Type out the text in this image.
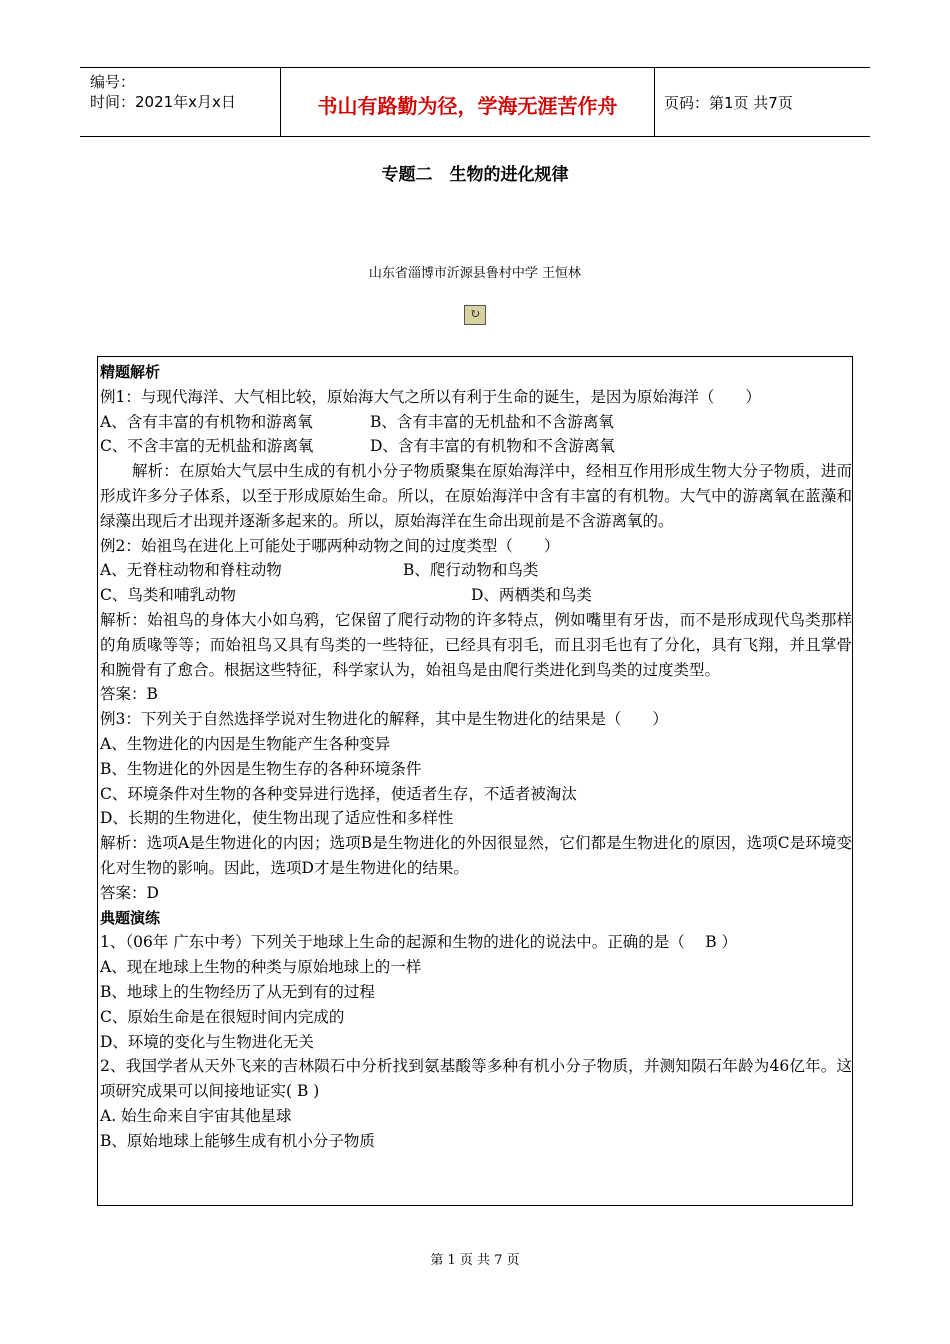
编号：
时间：2021年x月x日	书山有路勤为径，学海无涯苦作舟	页码：第1页 共7页
专题二　生物的进化规律
山东省淄博市沂源县鲁村中学 王恒林
↻

精题解析

例1：与现代海洋、大气相比较，原始海大气之所以有利于生命的诞生，是因为原始海洋（　　）

A、含有丰富的有机物和游离氧	B、含有丰富的无机盐和不含游离氧

C、不含丰富的无机盐和游离氧	D、含有丰富的有机物和不含游离氧

解析：在原始大气层中生成的有机小分子物质聚集在原始海洋中，经相互作用形成生物大分子物质，进而形成许多分子体系，以至于形成原始生命。所以，在原始海洋中含有丰富的有机物。大气中的游离氧在蓝藻和绿藻出现后才出现并逐渐多起来的。所以，原始海洋在生命出现前是不含游离氧的。

例2：始祖鸟在进化上可能处于哪两种动物之间的过度类型（　　）

A、无脊柱动物和脊柱动物	B、爬行动物和鸟类

C、鸟类和哺乳动物	D、两栖类和鸟类

解析：始祖鸟的身体大小如乌鸦，它保留了爬行动物的许多特点，例如嘴里有牙齿，而不是形成现代鸟类那样的角质喙等等；而始祖鸟又具有鸟类的一些特征，已经具有羽毛，而且羽毛也有了分化，具有飞翔，并且掌骨和腕骨有了愈合。根据这些特征，科学家认为，始祖鸟是由爬行类进化到鸟类的过度类型。

答案：B

例3：下列关于自然选择学说对生物进化的解释，其中是生物进化的结果是（　　）

A、生物进化的内因是生物能产生各种变异

B、生物进化的外因是生物生存的各种环境条件

C、环境条件对生物的各种变异进行选择，使适者生存，不适者被淘汰

D、长期的生物进化，使生物出现了适应性和多样性

解析：选项A是生物进化的内因；选项B是生物进化的外因很显然，它们都是生物进化的原因，选项C是环境变化对生物的影响。因此，选项D才是生物进化的结果。

答案：D

典题演练

1、（06年 广东中考）下列关于地球上生命的起源和生物的进化的说法中。正确的是（　 B ）

A、现在地球上生物的种类与原始地球上的一样

B、地球上的生物经历了从无到有的过程

C、原始生命是在很短时间内完成的

D、环境的变化与生物进化无关

2、我国学者从天外飞来的吉林陨石中分析找到氨基酸等多种有机小分子物质，并测知陨石年龄为46亿年。这项研究成果可以间接地证实( B )

A. 始生命来自宇宙其他星球

B、原始地球上能够生成有机小分子物质

第 1 页 共 7 页
